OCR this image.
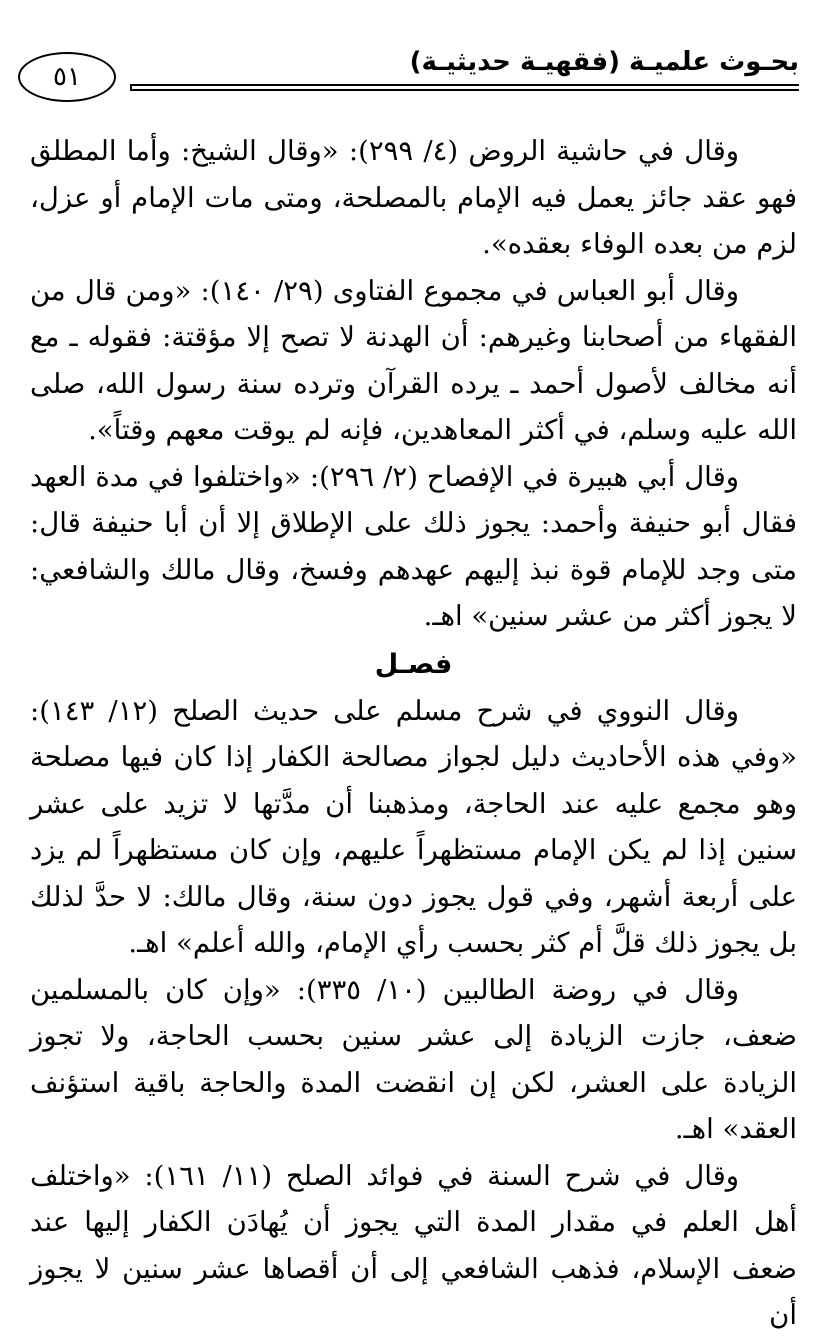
بحـوث علميـة (فقهيـة حديثيـة)
٥١

وقال في حاشية الروض (٤/ ٢٩٩): «وقال الشيخ: وأما المطلق فهو عقد جائز يعمل فيه الإمام بالمصلحة، ومتى مات الإمام أو عزل، لزم من بعده الوفاء بعقده».

وقال أبو العباس في مجموع الفتاوى (٢٩/ ١٤٠): «ومن قال من الفقهاء من أصحابنا وغيرهم: أن الهدنة لا تصح إلا مؤقتة: فقوله ـ مع أنه مخالف لأصول أحمد ـ يرده القرآن وترده سنة رسول الله، صلى الله عليه وسلم، في أكثر المعاهدين، فإنه لم يوقت معهم وقتاً».

وقال أبي هبيرة في الإفصاح (٢/ ٢٩٦): «واختلفوا في مدة العهد فقال أبو حنيفة وأحمد: يجوز ذلك على الإطلاق إلا أن أبا حنيفة قال: متى وجد للإمام قوة نبذ إليهم عهدهم وفسخ، وقال مالك والشافعي: لا يجوز أكثر من عشر سنين» اهـ.

فصـل

وقال النووي في شرح مسلم على حديث الصلح (١٢/ ١٤٣): «وفي هذه الأحاديث دليل لجواز مصالحة الكفار إذا كان فيها مصلحة وهو مجمع عليه عند الحاجة، ومذهبنا أن مدَّتها لا تزيد على عشر سنين إذا لم يكن الإمام مستظهراً عليهم، وإن كان مستظهراً لم يزد على أربعة أشهر، وفي قول يجوز دون سنة، وقال مالك: لا حدَّ لذلك بل يجوز ذلك قلَّ أم كثر بحسب رأي الإمام، والله أعلم» اهـ.

وقال في روضة الطالبين (١٠/ ٣٣٥): «وإن كان بالمسلمين ضعف، جازت الزيادة إلى عشر سنين بحسب الحاجة، ولا تجوز الزيادة على العشر، لكن إن انقضت المدة والحاجة باقية استؤنف العقد» اهـ.

وقال في شرح السنة في فوائد الصلح (١١/ ١٦١): «واختلف أهل العلم في مقدار المدة التي يجوز أن يُهادَن الكفار إليها عند ضعف الإسلام، فذهب الشافعي إلى أن أقصاها عشر سنين لا يجوز أن
